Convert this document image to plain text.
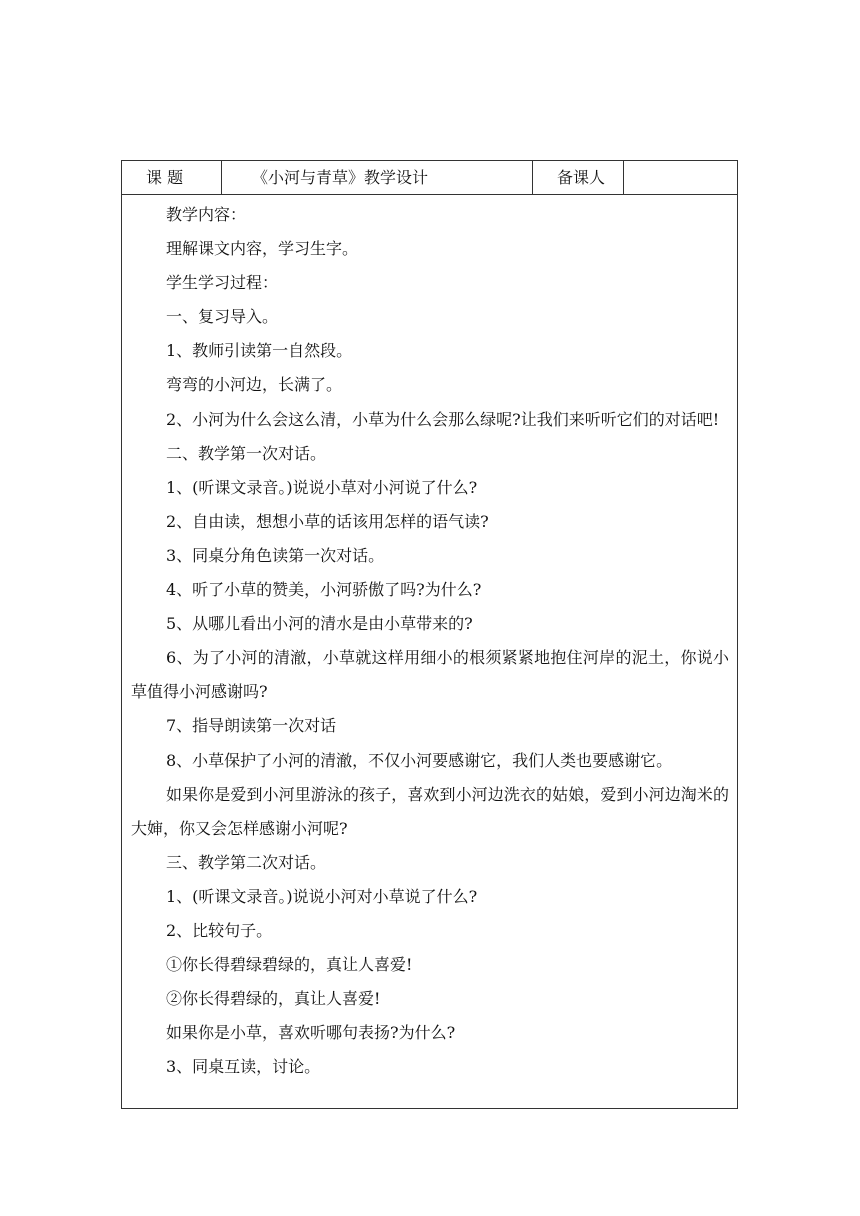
课 题	《小河与青草》教学设计	备课人

教学内容：

理解课文内容，学习生字。

学生学习过程：

一、复习导入。

1、教师引读第一自然段。

弯弯的小河边，长满了。

2、小河为什么会这么清，小草为什么会那么绿呢?让我们来听听它们的对话吧!

二、教学第一次对话。

1、(听课文录音。)说说小草对小河说了什么?

2、自由读，想想小草的话该用怎样的语气读?

3、同桌分角色读第一次对话。

4、听了小草的赞美，小河骄傲了吗?为什么?

5、从哪儿看出小河的清水是由小草带来的?

6、为了小河的清澈，小草就这样用细小的根须紧紧地抱住河岸的泥土，你说小草值得小河感谢吗?

7、指导朗读第一次对话

8、小草保护了小河的清澈，不仅小河要感谢它，我们人类也要感谢它。

如果你是爱到小河里游泳的孩子，喜欢到小河边洗衣的姑娘，爱到小河边淘米的大婶，你又会怎样感谢小河呢?

三、教学第二次对话。

1、(听课文录音。)说说小河对小草说了什么?

2、比较句子。

①你长得碧绿碧绿的，真让人喜爱!

②你长得碧绿的，真让人喜爱!

如果你是小草，喜欢听哪句表扬?为什么?

3、同桌互读，讨论。
